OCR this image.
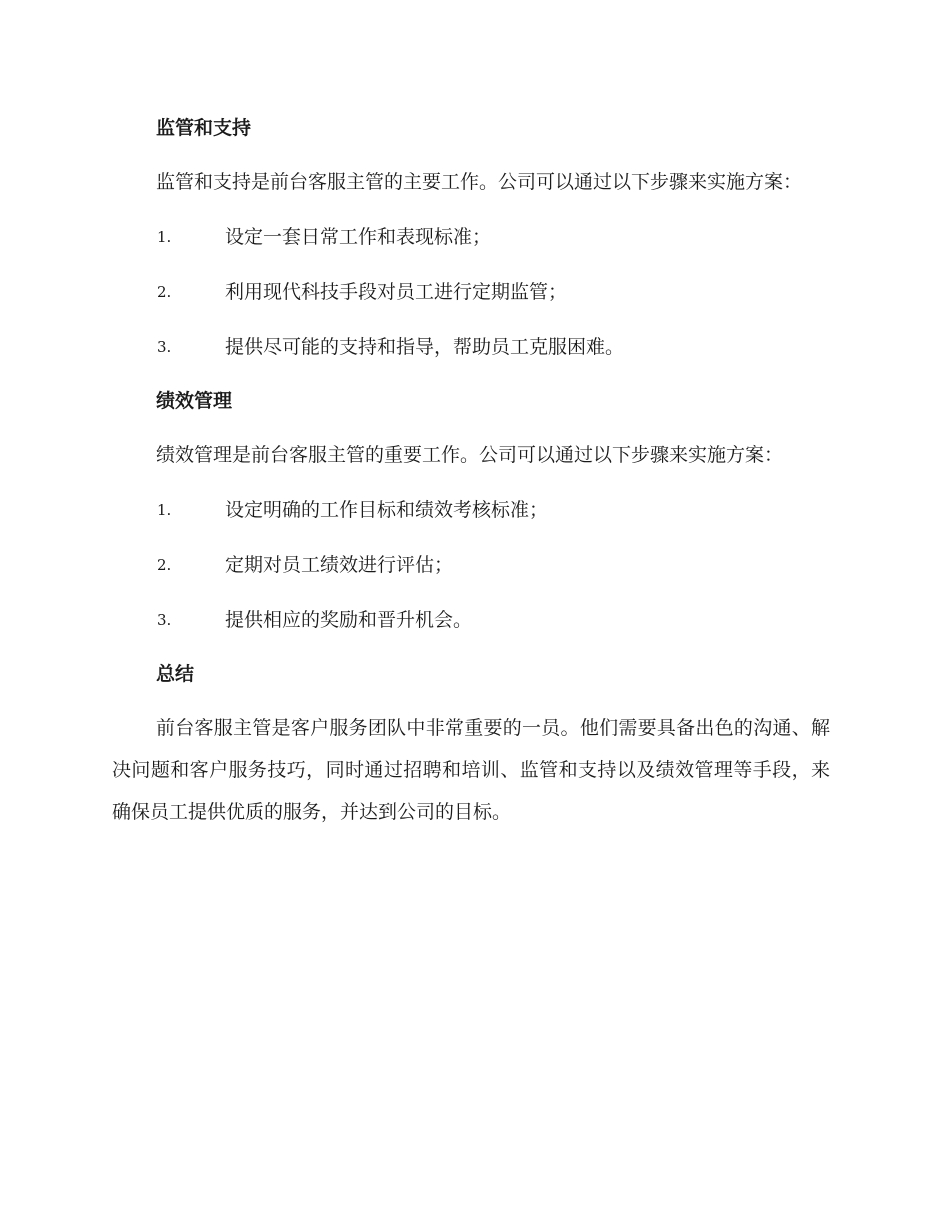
监管和支持

监管和支持是前台客服主管的主要工作。公司可以通过以下步骤来实施方案：

1.	设定一套日常工作和表现标准；
2.	利用现代科技手段对员工进行定期监管；
3.	提供尽可能的支持和指导，帮助员工克服困难。
绩效管理

绩效管理是前台客服主管的重要工作。公司可以通过以下步骤来实施方案：

1.	设定明确的工作目标和绩效考核标准；
2.	定期对员工绩效进行评估；
3.	提供相应的奖励和晋升机会。
总结

前台客服主管是客户服务团队中非常重要的一员。他们需要具备出色的沟通、解决问题和客户服务技巧，同时通过招聘和培训、监管和支持以及绩效管理等手段，来确保员工提供优质的服务，并达到公司的目标。
